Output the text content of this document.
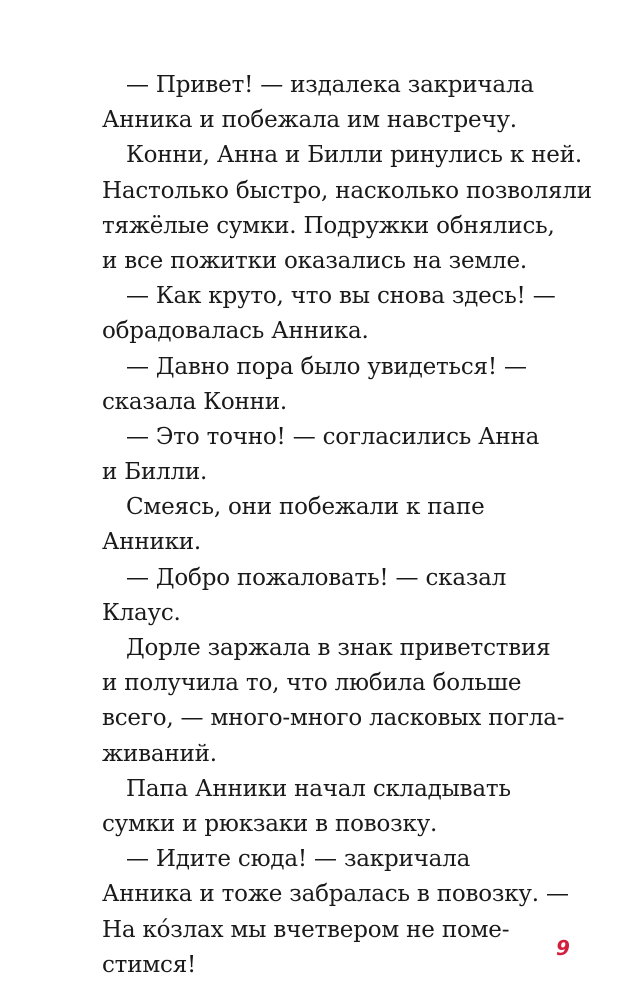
— Привет! — издалека закричала
Анника и побежала им навстречу.
Конни, Анна и Билли ринулись к ней.
Настолько быстро, насколько позволяли
тяжёлые сумки. Подружки обнялись,
и все пожитки оказались на земле.
— Как круто, что вы снова здесь! —
обрадовалась Анника.
— Давно пора было увидеться! —
сказала Конни.
— Это точно! — согласились Анна
и Билли.
Смеясь, они побежали к папе
Анники.
— Добро пожаловать! — сказал
Клаус.
Дорле заржала в знак приветствия
и получила то, что любила больше
всего, — много-много ласковых погла-
живаний.
Папа Анники начал складывать
сумки и рюкзаки в повозку.
— Идите сюда! — закричала
Анника и тоже забралась в повозку. —
На ко́злах мы вчетвером не поме-
стимся!
9
